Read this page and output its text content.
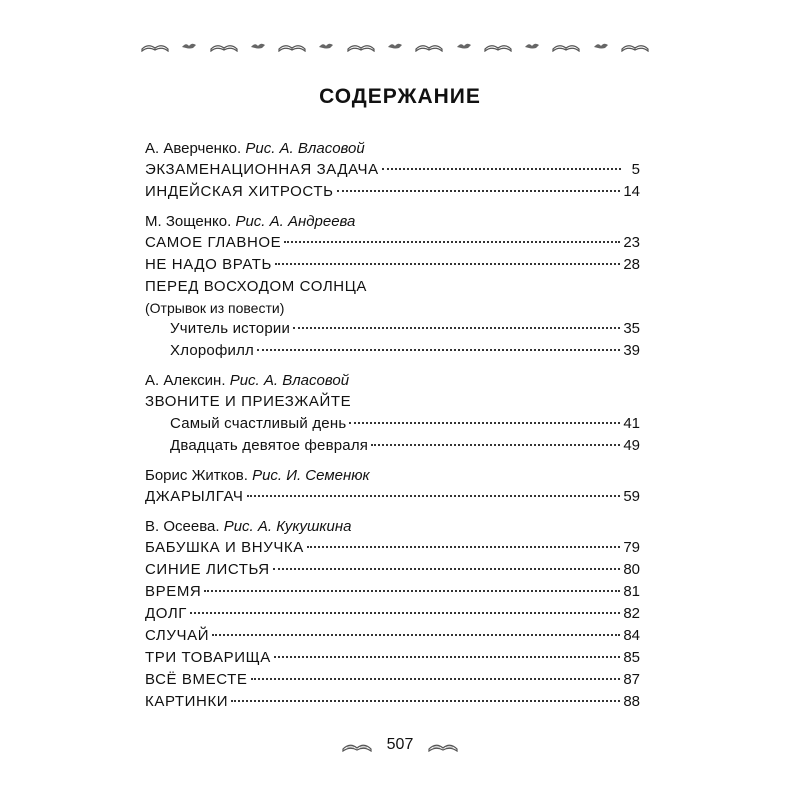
СОДЕРЖАНИЕ
А. Аверченко. Рис. А. Власовой
ЭКЗАМЕНАЦИОННАЯ ЗАДАЧА	5
ИНДЕЙСКАЯ ХИТРОСТЬ	14
М. Зощенко. Рис. А. Андреева
САМОЕ ГЛАВНОЕ	23
НЕ НАДО ВРАТЬ	28
ПЕРЕД ВОСХОДОМ СОЛНЦА
(Отрывок из повести)
Учитель истории	35
Хлорофилл	39
А. Алексин. Рис. А. Власовой
ЗВОНИТЕ И ПРИЕЗЖАЙТЕ
Самый счастливый день	41
Двадцать девятое февраля	49
Борис Житков. Рис. И. Семенюк
ДЖАРЫЛГАЧ	59
В. Осеева. Рис. А. Кукушкина
БАБУШКА И ВНУЧКА	79
СИНИЕ ЛИСТЬЯ	80
ВРЕМЯ	81
ДОЛГ	82
СЛУЧАЙ	84
ТРИ ТОВАРИЩА	85
ВСЁ ВМЕСТЕ	87
КАРТИНКИ	88
507
